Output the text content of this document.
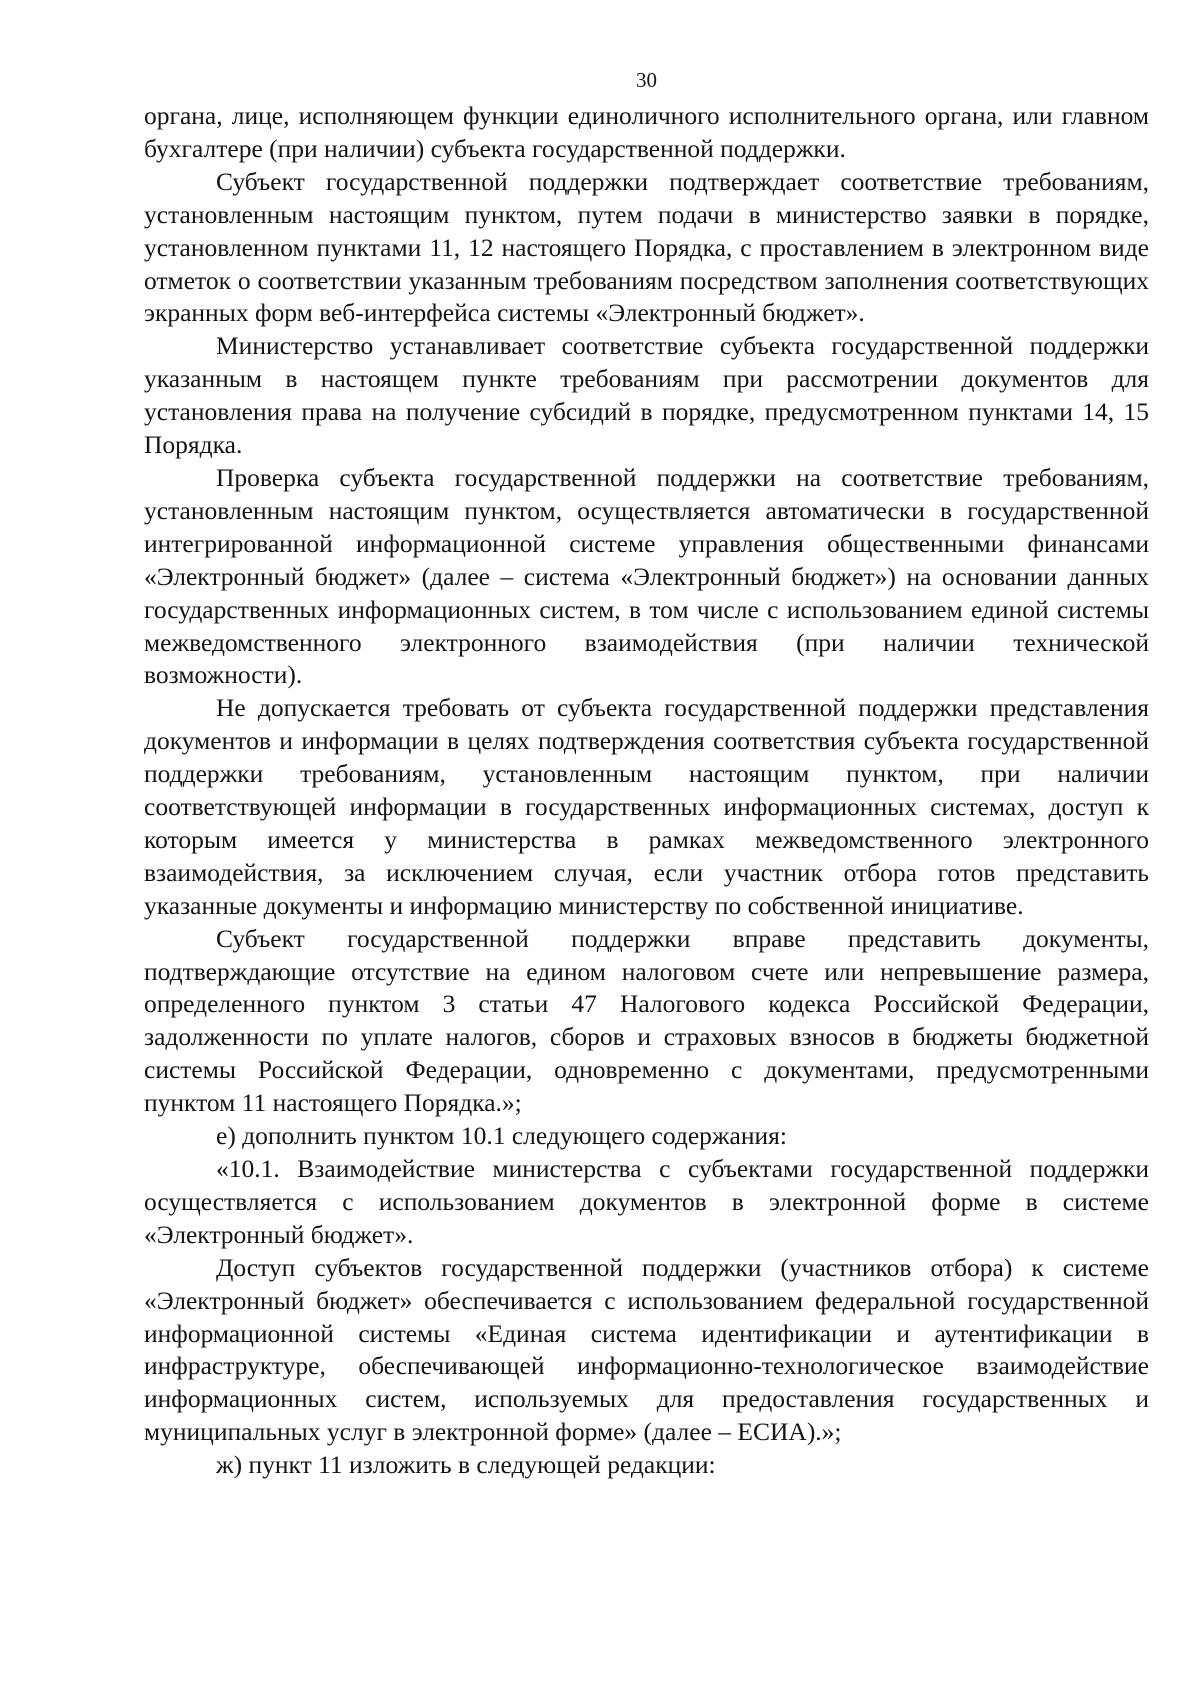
30

органа, лице, исполняющем функции единоличного исполнительного органа, или главном бухгалтере (при наличии) субъекта государственной поддержки.

Субъект государственной поддержки подтверждает соответствие требованиям, установленным настоящим пунктом, путем подачи в министерство заявки в порядке, установленном пунктами 11, 12 настоящего Порядка, с проставлением в электронном виде отметок о соответствии указанным требованиям посредством заполнения соответствующих экранных форм веб-интерфейса системы «Электронный бюджет».

Министерство устанавливает соответствие субъекта государственной поддержки указанным в настоящем пункте требованиям при рассмотрении документов для установления права на получение субсидий в порядке, предусмотренном пунктами 14, 15 Порядка.

Проверка субъекта государственной поддержки на соответствие требованиям, установленным настоящим пунктом, осуществляется автоматически в государственной интегрированной информационной системе управления общественными финансами «Электронный бюджет» (далее – система «Электронный бюджет») на основании данных государственных информационных систем, в том числе с использованием единой системы межведомственного электронного взаимодействия (при наличии технической возможности).

Не допускается требовать от субъекта государственной поддержки представления документов и информации в целях подтверждения соответствия субъекта государственной поддержки требованиям, установленным настоящим пунктом, при наличии соответствующей информации в государственных информационных системах, доступ к которым имеется у министерства в рамках межведомственного электронного взаимодействия, за исключением случая, если участник отбора готов представить указанные документы и информацию министерству по собственной инициативе.

Субъект государственной поддержки вправе представить документы, подтверждающие отсутствие на едином налоговом счете или непревышение размера, определенного пунктом 3 статьи 47 Налогового кодекса Российской Федерации, задолженности по уплате налогов, сборов и страховых взносов в бюджеты бюджетной системы Российской Федерации, одновременно с документами, предусмотренными пунктом 11 настоящего Порядка.»;

е) дополнить пунктом 10.1 следующего содержания:

«10.1. Взаимодействие министерства с субъектами государственной поддержки осуществляется с использованием документов в электронной форме в системе «Электронный бюджет».

Доступ субъектов государственной поддержки (участников отбора) к системе «Электронный бюджет» обеспечивается с использованием федеральной государственной информационной системы «Единая система идентификации и аутентификации в инфраструктуре, обеспечивающей информационно-технологическое взаимодействие информационных систем, используемых для предоставления государственных и муниципальных услуг в электронной форме» (далее – ЕСИА).»;

ж) пункт 11 изложить в следующей редакции:
